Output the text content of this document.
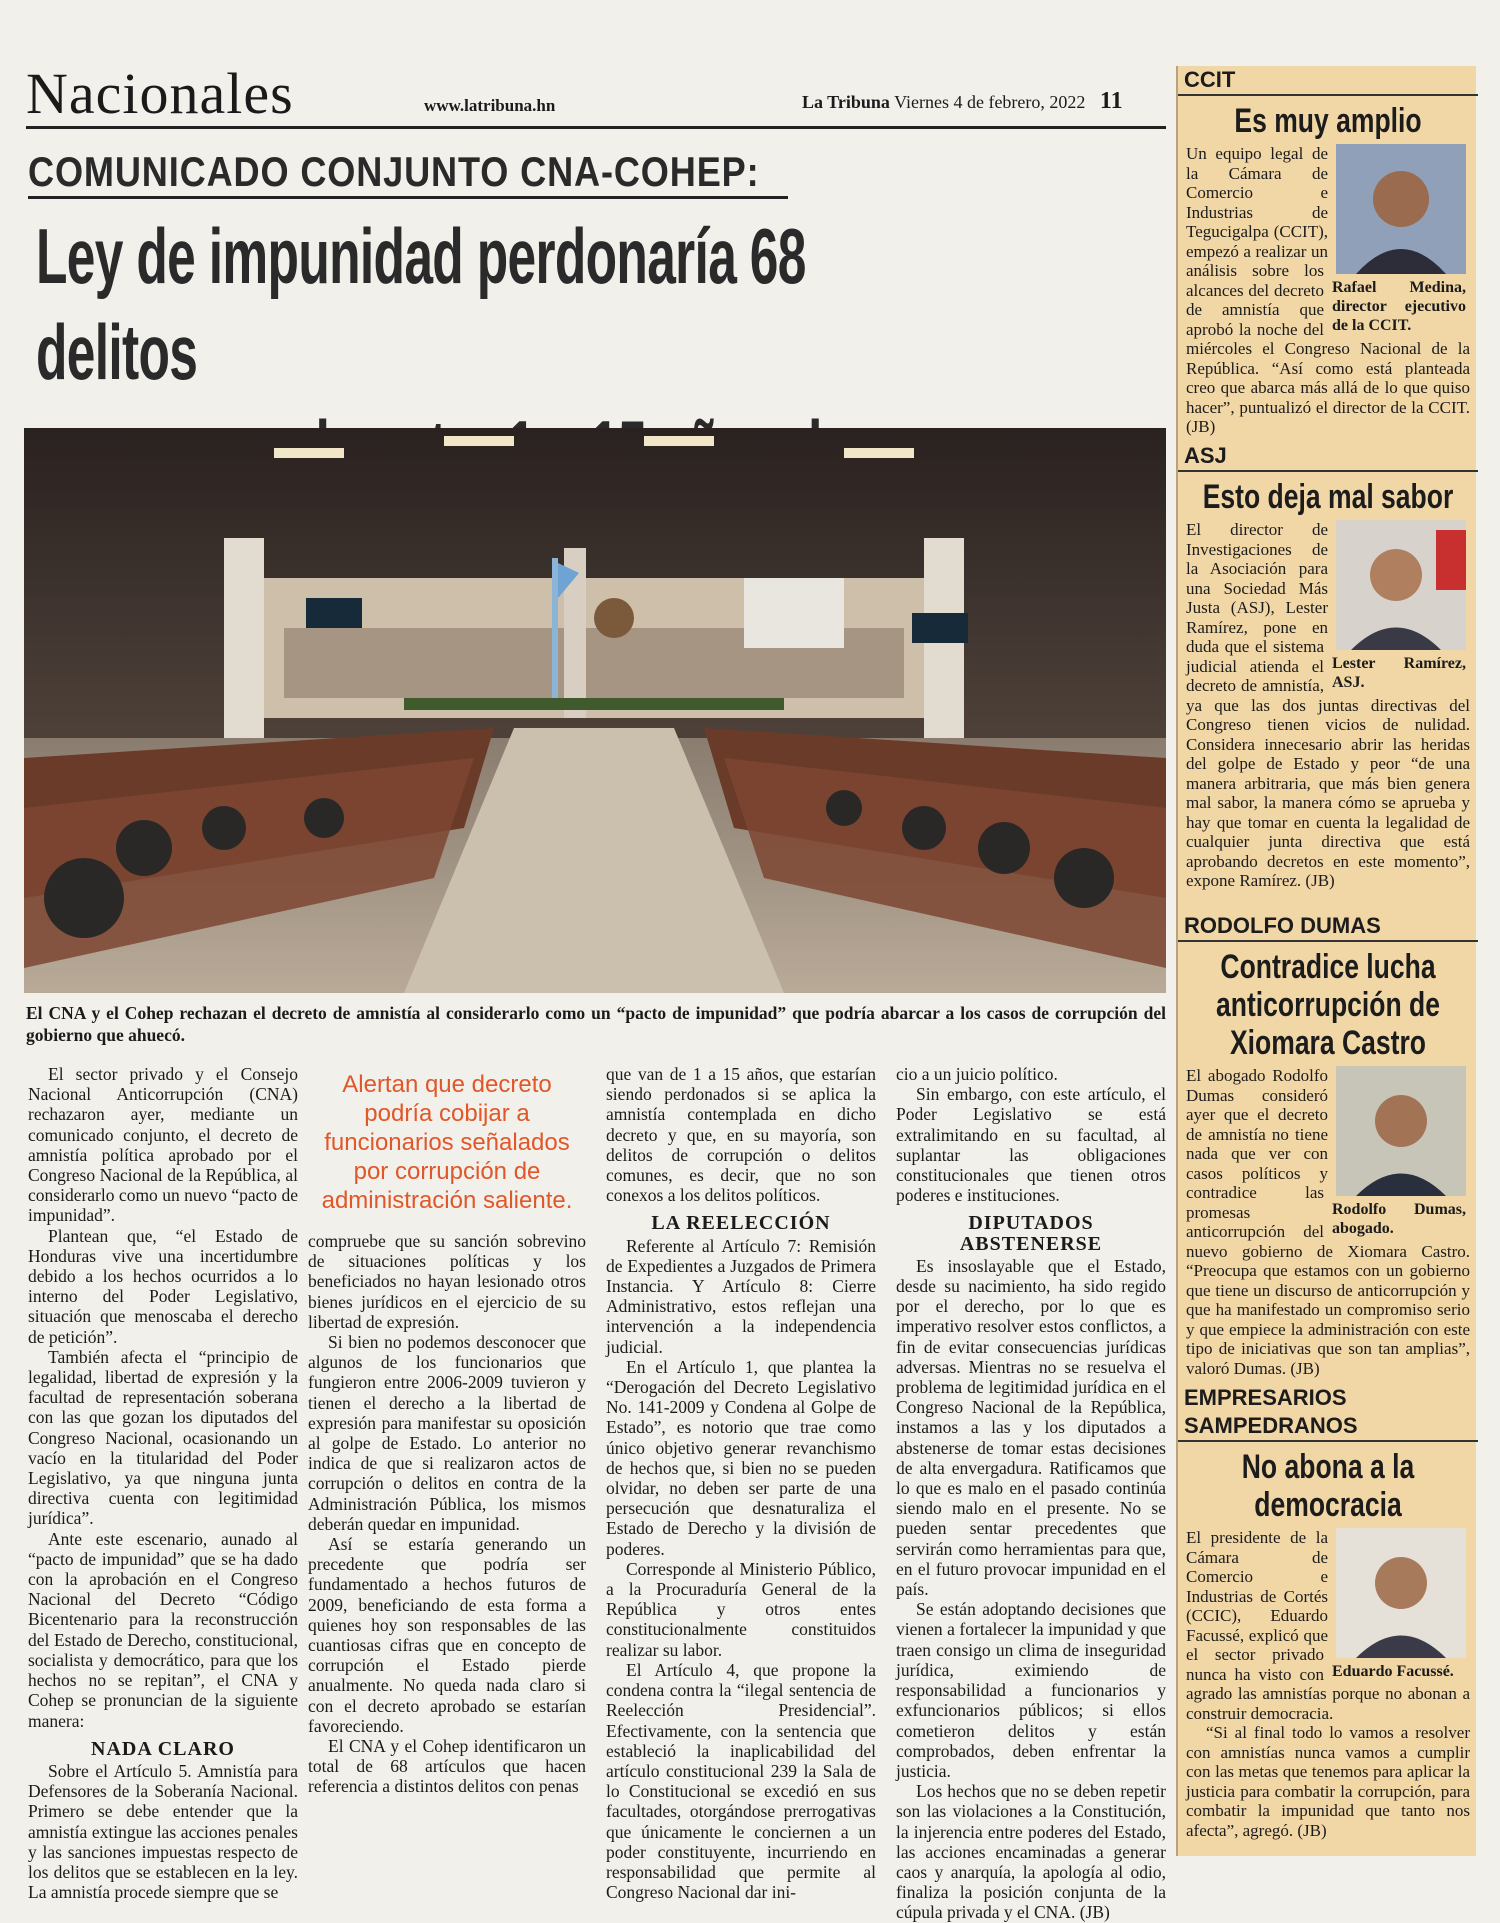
Nacionales	www.latribuna.hn	La Tribuna Viernes 4 de febrero, 2022 11
COMUNICADO CONJUNTO CNA-COHEP:
Ley de impunidad perdonaría 68 delitos
El CNA y el Cohep rechazan el decreto de amnistía al considerarlo como un “pacto de impunidad” que podría abarcar a los casos de corrupción del gobierno que ahuecó.

El sector privado y el Consejo Nacional Anticorrupción (CNA) rechazaron ayer, mediante un comunicado conjunto, el decreto de amnistía política aprobado por el Congreso Nacional de la República, al considerarlo como un nuevo “pacto de impunidad”.

Plantean que, “el Estado de Honduras vive una incertidumbre debido a los hechos ocurridos a lo interno del Poder Legislativo, situación que menoscaba el derecho de petición”.

También afecta el “principio de legalidad, libertad de expresión y la facultad de representación soberana con las que gozan los diputados del Congreso Nacional, ocasionando un vacío en la titularidad del Poder Legislativo, ya que ninguna junta directiva cuenta con legitimidad jurídica”.

Ante este escenario, aunado al “pacto de impunidad” que se ha dado con la aprobación en el Congreso Nacional del Decreto “Código Bicentenario para la reconstrucción del Estado de Derecho, constitucional, socialista y democrático, para que los hechos no se repitan”, el CNA y Cohep se pronuncian de la siguiente manera:

NADA CLARO

Sobre el Artículo 5. Amnistía para Defensores de la Soberanía Nacional. Primero se debe entender que la amnistía extingue las acciones penales y las sanciones impuestas respecto de los delitos que se establecen en la ley. La amnistía procede siempre que se

Alertan que decreto podría cobijar a funcionarios señalados por corrupción de administración saliente.

compruebe que su sanción sobrevino de situaciones políticas y los beneficiados no hayan lesionado otros bienes jurídicos en el ejercicio de su libertad de expresión.

Si bien no podemos desconocer que algunos de los funcionarios que fungieron entre 2006-2009 tuvieron y tienen el derecho a la libertad de expresión para manifestar su oposición al golpe de Estado. Lo anterior no indica de que si realizaron actos de corrupción o delitos en contra de la Administración Pública, los mismos deberán quedar en impunidad.

Así se estaría generando un precedente que podría ser fundamentado a hechos futuros de 2009, beneficiando de esta forma a quienes hoy son responsables de las cuantiosas cifras que en concepto de corrupción el Estado pierde anualmente. No queda nada claro si con el decreto aprobado se estarían favoreciendo.

El CNA y el Cohep identificaron un total de 68 artículos que hacen referencia a distintos delitos con penas

que van de 1 a 15 años, que estarían siendo perdonados si se aplica la amnistía contemplada en dicho decreto y que, en su mayoría, son delitos de corrupción o delitos comunes, es decir, que no son conexos a los delitos políticos.

LA REELECCIÓN

Referente al Artículo 7: Remisión de Expedientes a Juzgados de Primera Instancia. Y Artículo 8: Cierre Administrativo, estos reflejan una intervención a la independencia judicial.

En el Artículo 1, que plantea la “Derogación del Decreto Legislativo No. 141-2009 y Condena al Golpe de Estado”, es notorio que trae como único objetivo generar revanchismo de hechos que, si bien no se pueden olvidar, no deben ser parte de una persecución que desnaturaliza el Estado de Derecho y la división de poderes.

Corresponde al Ministerio Público, a la Procuraduría General de la República y otros entes constitucionalmente constituidos realizar su labor.

El Artículo 4, que propone la condena contra la “ilegal sentencia de Reelección Presidencial”. Efectivamente, con la sentencia que estableció la inaplicabilidad del artículo constitucional 239 la Sala de lo Constitucional se excedió en sus facultades, otorgándose prerrogativas que únicamente le conciernen a un poder constituyente, incurriendo en responsabilidad que permite al Congreso Nacional dar ini-

cio a un juicio político.

Sin embargo, con este artículo, el Poder Legislativo se está extralimitando en su facultad, al suplantar las obligaciones constitucionales que tienen otros poderes e instituciones.

DIPUTADOS ABSTENERSE

Es insoslayable que el Estado, desde su nacimiento, ha sido regido por el derecho, por lo que es imperativo resolver estos conflictos, a fin de evitar consecuencias jurídicas adversas. Mientras no se resuelva el problema de legitimidad jurídica en el Congreso Nacional de la República, instamos a las y los diputados a abstenerse de tomar estas decisiones de alta envergadura. Ratificamos que lo que es malo en el pasado continúa siendo malo en el presente. No se pueden sentar precedentes que servirán como herramientas para que, en el futuro provocar impunidad en el país.

Se están adoptando decisiones que vienen a fortalecer la impunidad y que traen consigo un clima de inseguridad jurídica, eximiendo de responsabilidad a funcionarios y exfuncionarios públicos; si ellos cometieron delitos y están comprobados, deben enfrentar la justicia.

Los hechos que no se deben repetir son las violaciones a la Constitución, la injerencia entre poderes del Estado, las acciones encaminadas a generar caos y anarquía, la apología al odio, finaliza la posición conjunta de la cúpula privada y el CNA. (JB)

CCIT
Es muy amplio
Rafael Medina, director ejecutivo de la CCIT.
Un equipo legal de la Cámara de Comercio e Industrias de Tegucigalpa (CCIT), empezó a realizar un análisis sobre los alcances del decreto de amnistía que aprobó la noche del miércoles el Congreso Nacional de la República. “Así como está planteada creo que abarca más allá de lo que quiso hacer”, puntualizó el director de la CCIT. (JB)
ASJ
Esto deja mal sabor
Lester Ramírez, ASJ.
El director de Investigaciones de la Asociación para una Sociedad Más Justa (ASJ), Lester Ramírez, pone en duda que el sistema judicial atienda el decreto de amnistía, ya que las dos juntas directivas del Congreso tienen vicios de nulidad. Considera innecesario abrir las heridas del golpe de Estado y peor “de una manera arbitraria, que más bien genera mal sabor, la manera cómo se aprueba y hay que tomar en cuenta la legalidad de cualquier junta directiva que está aprobando decretos en este momento”, expone Ramírez. (JB)
RODOLFO DUMAS
Contradice lucha anticorrupción de Xiomara Castro
Rodolfo Dumas, abogado.
El abogado Rodolfo Dumas consideró ayer que el decreto de amnistía no tiene nada que ver con casos políticos y contradice las promesas anticorrupción del nuevo gobierno de Xiomara Castro. “Preocupa que estamos con un gobierno que tiene un discurso de anticorrupción y que ha manifestado un compromiso serio y que empiece la administración con este tipo de iniciativas que son tan amplias”, valoró Dumas. (JB)
EMPRESARIOS SAMPEDRANOS
No abona a la democracia
Eduardo Facussé.
El presidente de la Cámara de Comercio e Industrias de Cortés (CCIC), Eduardo Facussé, explicó que el sector privado nunca ha visto con agrado las amnistías porque no abonan a construir democracia.
“Si al final todo lo vamos a resolver con amnistías nunca vamos a cumplir con las metas que tenemos para aplicar la justicia para combatir la corrupción, para combatir la impunidad que tanto nos afecta”, agregó. (JB)
